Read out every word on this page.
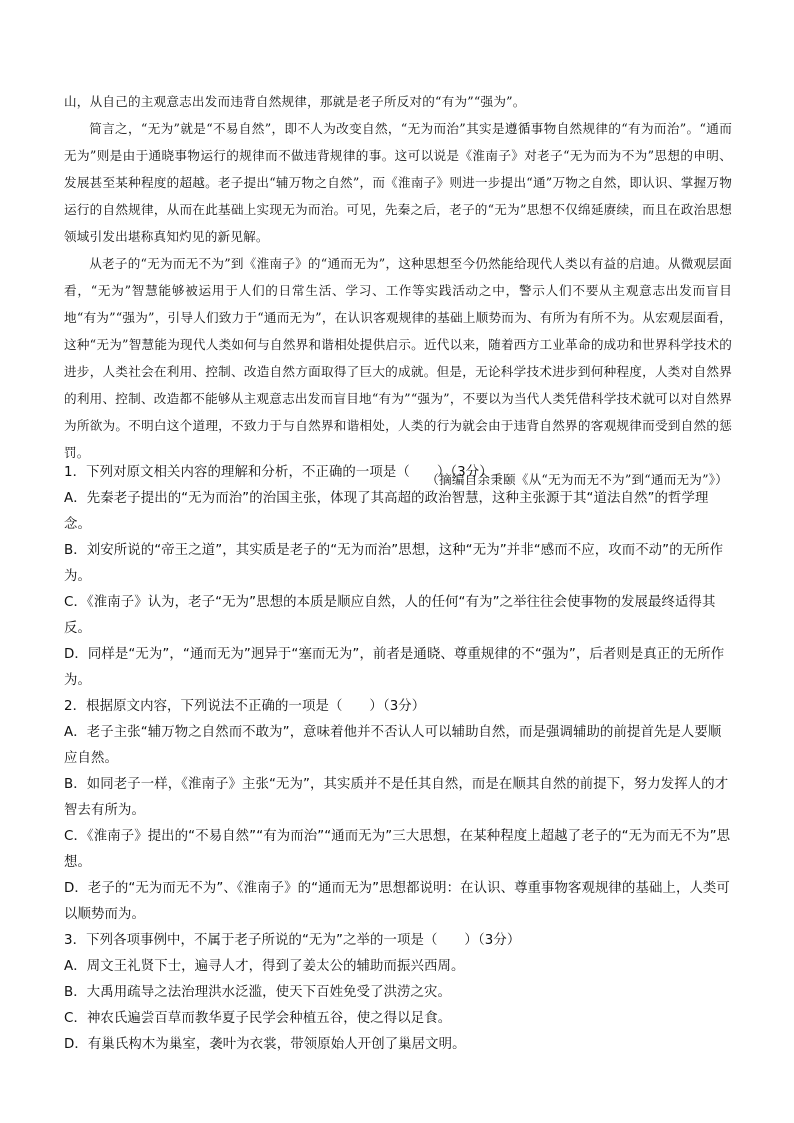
山，从自己的主观意志出发而违背自然规律，那就是老子所反对的“有为”“强为”。

简言之，“无为”就是“不易自然”，即不人为改变自然，“无为而治”其实是遵循事物自然规律的“有为而治”。“通而无为”则是由于通晓事物运行的规律而不做违背规律的事。这可以说是《淮南子》对老子“无为而为不为”思想的申明、发展甚至某种程度的超越。老子提出“辅万物之自然”，而《淮南子》则进一步提出“通”万物之自然，即认识、掌握万物运行的自然规律，从而在此基础上实现无为而治。可见，先秦之后，老子的“无为”思想不仅绵延赓续，而且在政治思想领域引发出堪称真知灼见的新见解。

从老子的“无为而无不为”到《淮南子》的“通而无为”，这种思想至今仍然能给现代人类以有益的启迪。从微观层面看，“无为”智慧能够被运用于人们的日常生活、学习、工作等实践活动之中，警示人们不要从主观意志出发而盲目地“有为”“强为”，引导人们致力于“通而无为”，在认识客观规律的基础上顺势而为、有所为有所不为。从宏观层面看，这种“无为”智慧能为现代人类如何与自然界和谐相处提供启示。近代以来，随着西方工业革命的成功和世界科学技术的进步，人类社会在利用、控制、改造自然方面取得了巨大的成就。但是，无论科学技术进步到何种程度，人类对自然界的利用、控制、改造都不能够从主观意志出发而盲目地“有为”“强为”，不要以为当代人类凭借科学技术就可以对自然界为所欲为。不明白这个道理，不致力于与自然界和谐相处，人类的行为就会由于违背自然界的客观规律而受到自然的惩罚。

（摘编自余秉颐《从“无为而无不为”到“通而无为”》）

1．下列对原文相关内容的理解和分析，不正确的一项是（　　）（3分）

A．先秦老子提出的“无为而治”的治国主张，体现了其高超的政治智慧，这种主张源于其“道法自然”的哲学理念。

B．刘安所说的“帝王之道”，其实质是老子的“无为而治”思想，这种“无为”并非“感而不应，攻而不动”的无所作为。

C．《淮南子》认为，老子“无为”思想的本质是顺应自然，人的任何“有为”之举往往会使事物的发展最终适得其反。

D．同样是“无为”，“通而无为”迥异于“塞而无为”，前者是通晓、尊重规律的不“强为”，后者则是真正的无所作为。

2．根据原文内容，下列说法不正确的一项是（　　）（3分）

A．老子主张“辅万物之自然而不敢为”，意味着他并不否认人可以辅助自然，而是强调辅助的前提首先是人要顺应自然。

B．如同老子一样，《淮南子》主张“无为”，其实质并不是任其自然，而是在顺其自然的前提下，努力发挥人的才智去有所为。

C．《淮南子》提出的“不易自然”“有为而治”“通而无为”三大思想，在某种程度上超越了老子的“无为而无不为”思想。

D．老子的“无为而无不为”、《淮南子》的“通而无为”思想都说明：在认识、尊重事物客观规律的基础上，人类可以顺势而为。

3．下列各项事例中，不属于老子所说的“无为”之举的一项是（　　）（3分）

A．周文王礼贤下士，遍寻人才，得到了姜太公的辅助而振兴西周。

B．大禹用疏导之法治理洪水泛滥，使天下百姓免受了洪涝之灾。

C．神农氏遍尝百草而教华夏子民学会种植五谷，使之得以足食。

D．有巢氏构木为巢室，袭叶为衣裳，带领原始人开创了巢居文明。
